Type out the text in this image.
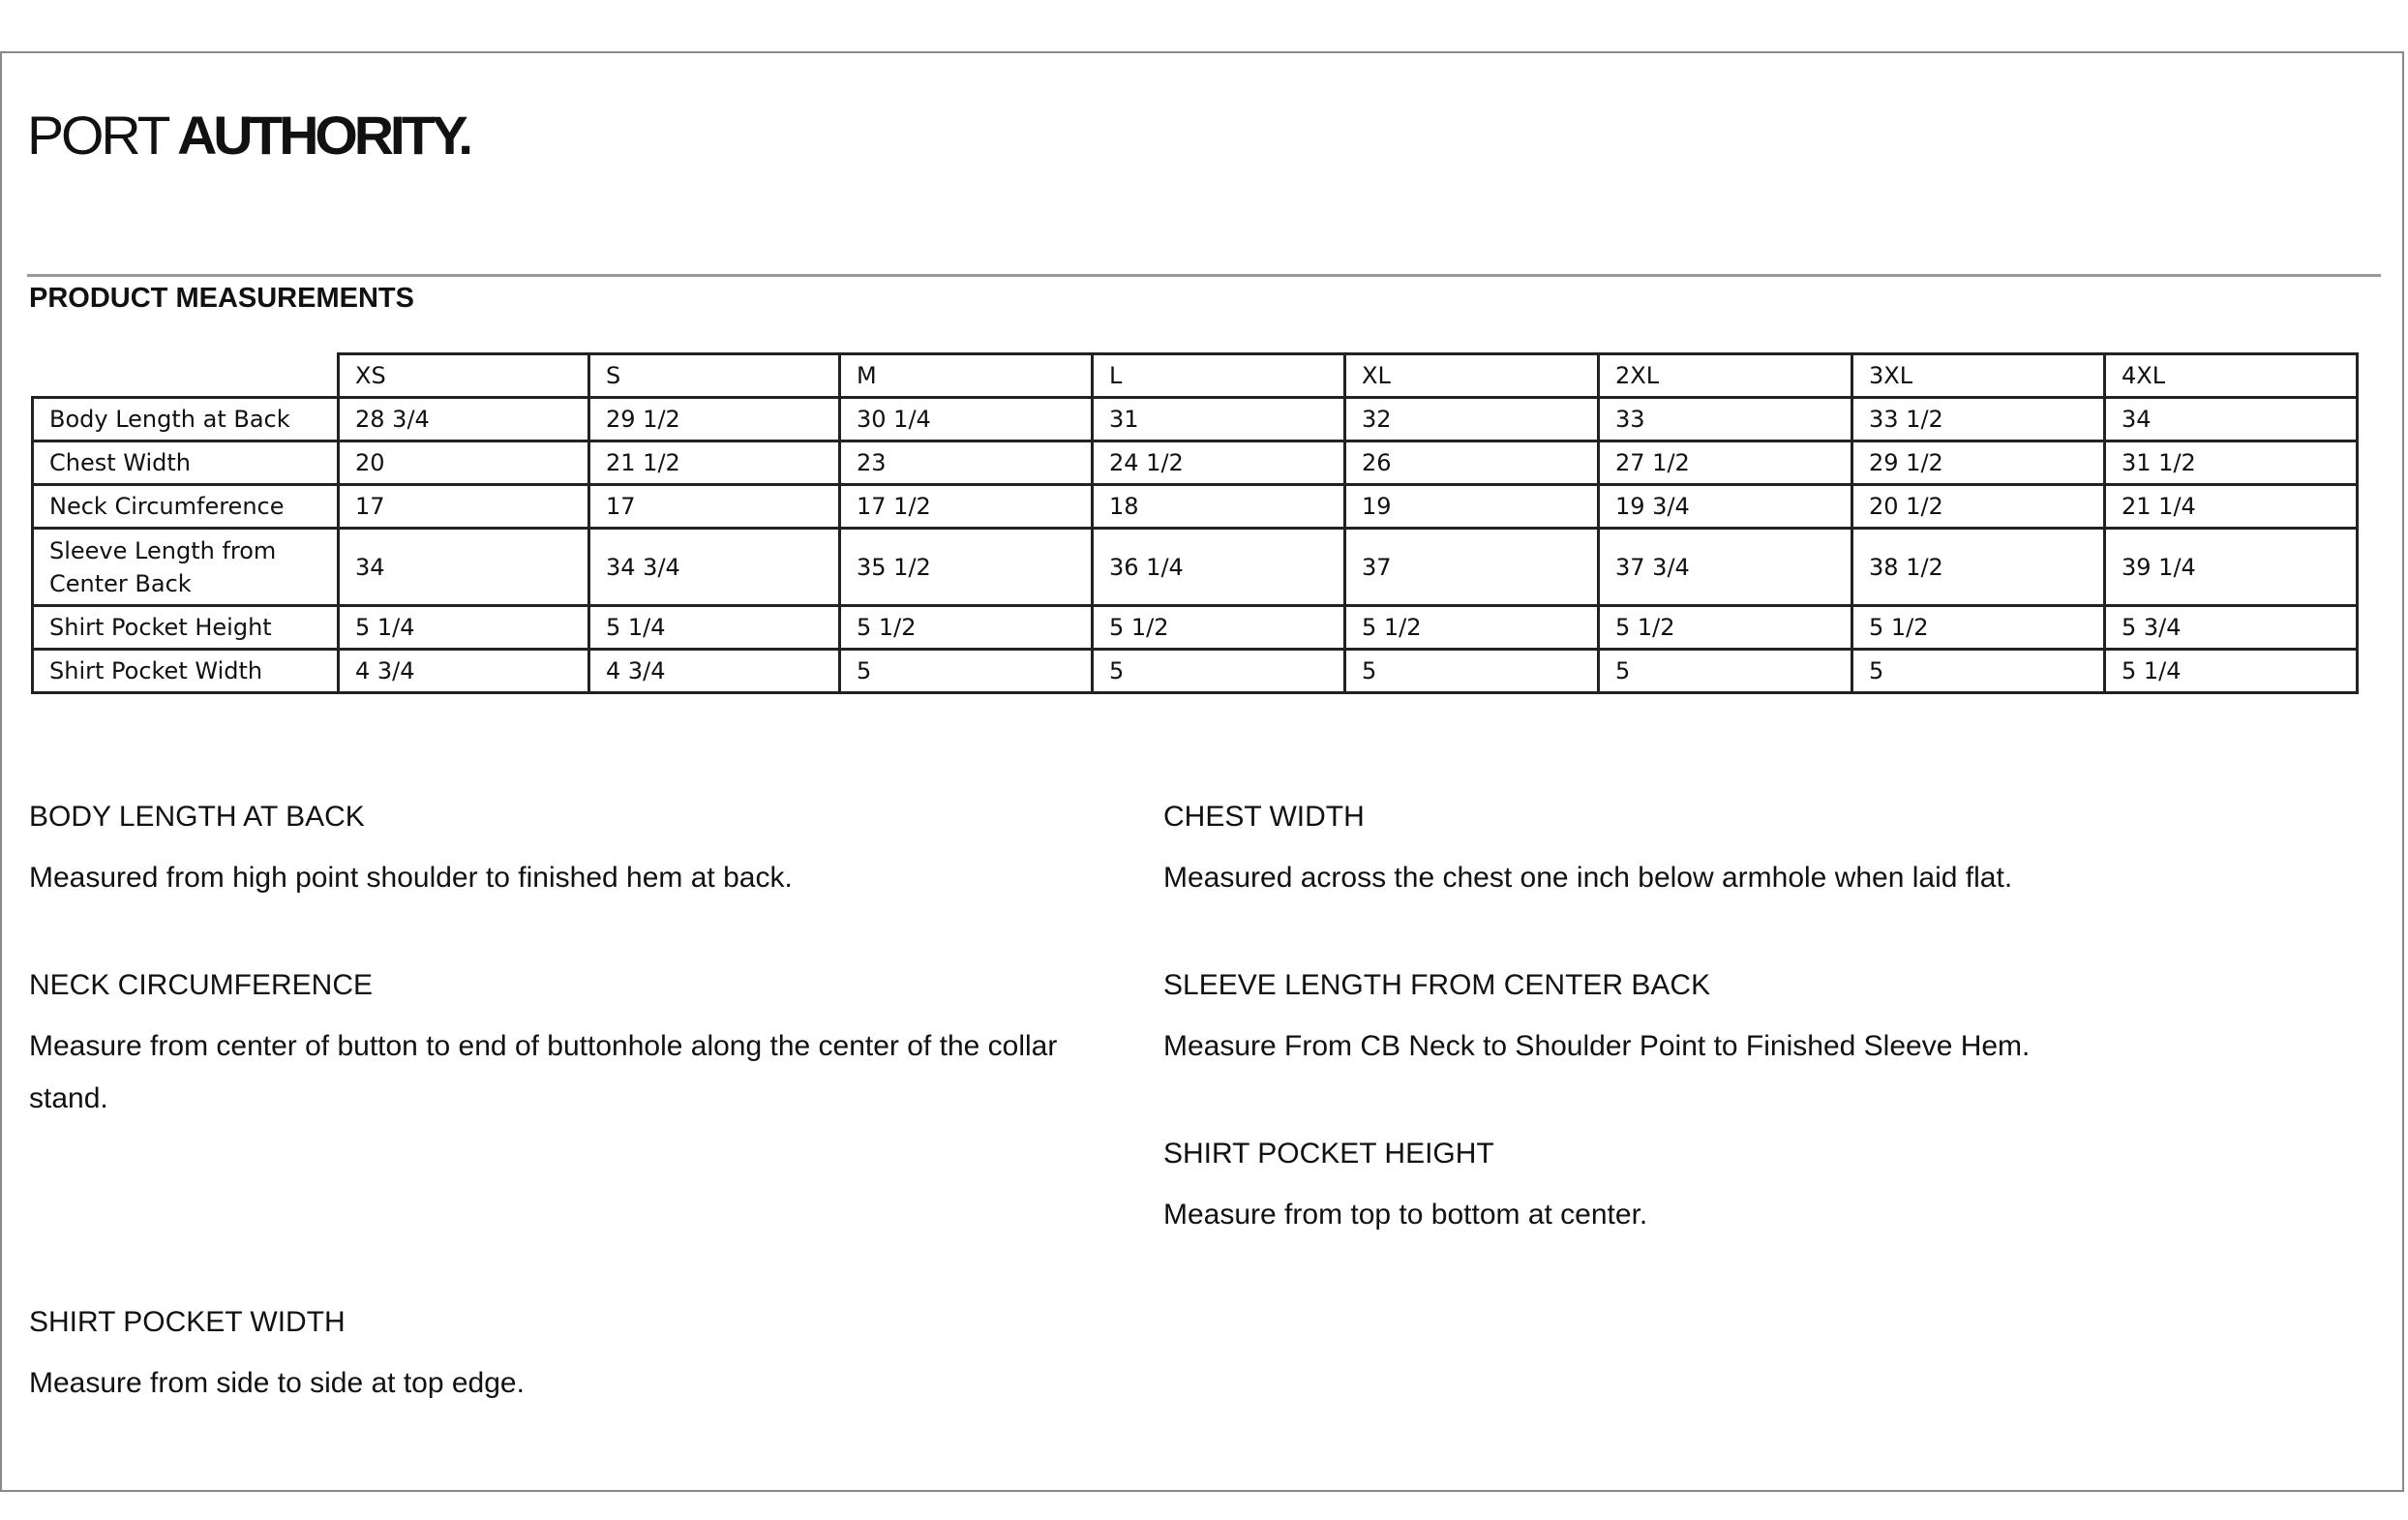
PORT AUTHORITY.
PRODUCT MEASUREMENTS
	XS	S	M	L	XL	2XL	3XL	4XL
Body Length at Back	28 3/4	29 1/2	30 1/4	31	32	33	33 1/2	34
Chest Width	20	21 1/2	23	24 1/2	26	27 1/2	29 1/2	31 1/2
Neck Circumference	17	17	17 1/2	18	19	19 3/4	20 1/2	21 1/4
Sleeve Length from Center Back	34	34 3/4	35 1/2	36 1/4	37	37 3/4	38 1/2	39 1/4
Shirt Pocket Height	5 1/4	5 1/4	5 1/2	5 1/2	5 1/2	5 1/2	5 1/2	5 3/4
Shirt Pocket Width	4 3/4	4 3/4	5	5	5	5	5	5 1/4

BODY LENGTH AT BACK

Measured from high point shoulder to finished hem at back.

CHEST WIDTH

Measured across the chest one inch below armhole when laid flat.

NECK CIRCUMFERENCE

Measure from center of button to end of buttonhole along the center of the collar stand.

SLEEVE LENGTH FROM CENTER BACK

Measure From CB Neck to Shoulder Point to Finished Sleeve Hem.

SHIRT POCKET HEIGHT

Measure from top to bottom at center.

SHIRT POCKET WIDTH

Measure from side to side at top edge.
